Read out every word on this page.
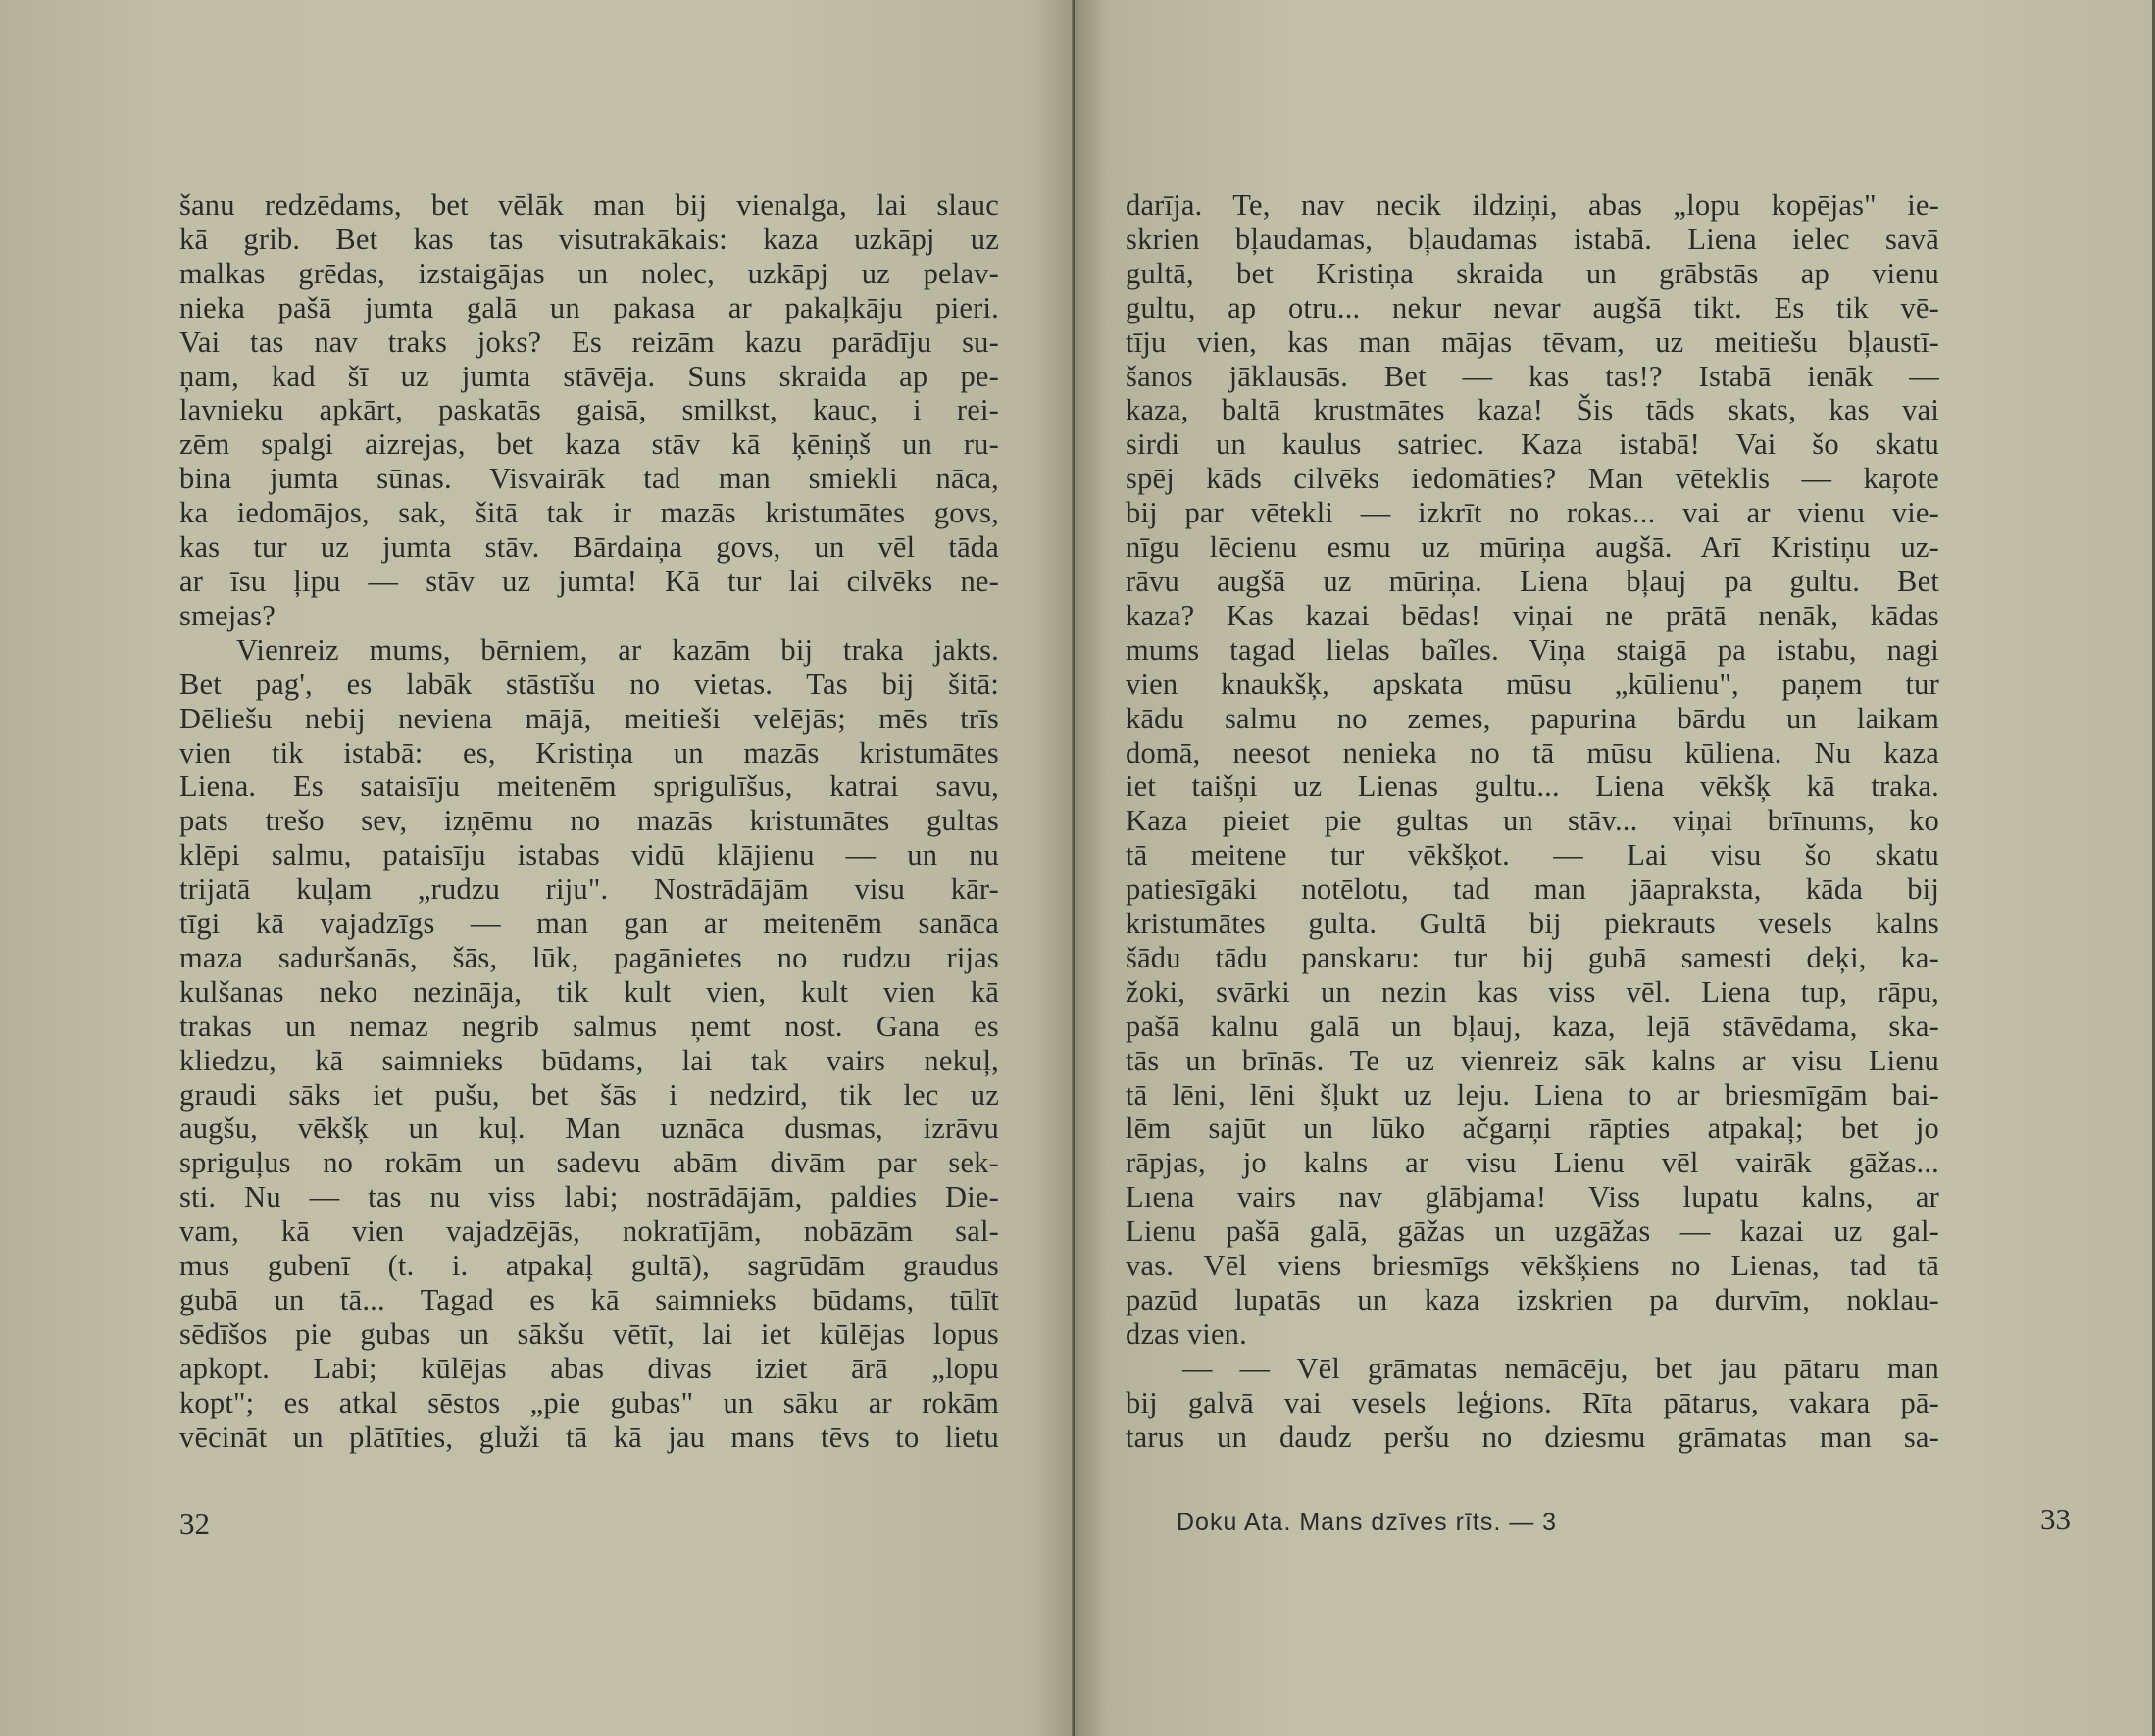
šanu redzēdams, bet vēlāk man bij vienalga, lai slauc
kā grib. Bet kas tas visutrakākais: kaza uzkāpj uz
malkas grēdas, izstaigājas un nolec, uzkāpj uz pelav-
nieka pašā jumta galā un pakasa ar pakaļkāju pieri.
Vai tas nav traks joks? Es reizām kazu parādīju su-
ņam, kad šī uz jumta stāvēja. Suns skraida ap pe-
lavnieku apkārt, paskatās gaisā, smilkst, kauc, i rei-
zēm spalgi aizrejas, bet kaza stāv kā ķēniņš un ru-
bina jumta sūnas. Visvairāk tad man smiekli nāca,
ka iedomājos, sak, šitā tak ir mazās kristumātes govs,
kas tur uz jumta stāv. Bārdaiņa govs, un vēl tāda
ar īsu ļipu — stāv uz jumta! Kā tur lai cilvēks ne-
smejas?
Vienreiz mums, bērniem, ar kazām bij traka jakts.
Bet pag', es labāk stāstīšu no vietas. Tas bij šitā:
Dēliešu nebij neviena mājā, meitieši velējās; mēs trīs
vien tik istabā: es, Kristiņa un mazās kristumātes
Liena. Es sataisīju meitenēm sprigulīšus, katrai savu,
pats trešo sev, izņēmu no mazās kristumātes gultas
klēpi salmu, pataisīju istabas vidū klājienu — un nu
trijatā kuļam „rudzu riju". Nostrādājām visu kār-
tīgi kā vajadzīgs — man gan ar meitenēm sanāca
maza saduršanās, šās, lūk, pagānietes no rudzu rijas
kulšanas neko nezināja, tik kult vien, kult vien kā
trakas un nemaz negrib salmus ņemt nost. Gana es
kliedzu, kā saimnieks būdams, lai tak vairs nekuļ,
graudi sāks iet pušu, bet šās i nedzird, tik lec uz
augšu, vēkšķ un kuļ. Man uznāca dusmas, izrāvu
spriguļus no rokām un sadevu abām divām par sek-
sti. Nu — tas nu viss labi; nostrādājām, paldies Die-
vam, kā vien vajadzējās, nokratījām, nobāzām sal-
mus gubenī (t. i. atpakaļ gultā), sagrūdām graudus
gubā un tā... Tagad es kā saimnieks būdams, tūlīt
sēdīšos pie gubas un sākšu vētīt, lai iet kūlējas lopus
apkopt. Labi; kūlējas abas divas iziet ārā „lopu
kopt"; es atkal sēstos „pie gubas" un sāku ar rokām
vēcināt un plātīties, gluži tā kā jau mans tēvs to lietu
32
darīja. Te, nav necik ildziņi, abas „lopu kopējas" ie-
skrien bļaudamas, bļaudamas istabā. Liena ielec savā
gultā, bet Kristiņa skraida un grābstās ap vienu
gultu, ap otru... nekur nevar augšā tikt. Es tik vē-
tīju vien, kas man mājas tēvam, uz meitiešu bļaustī-
šanos jāklausās. Bet — kas tas!? Istabā ienāk —
kaza, baltā krustmātes kaza! Šis tāds skats, kas vai
sirdi un kaulus satriec. Kaza istabā! Vai šo skatu
spēj kāds cilvēks iedomāties? Man vēteklis — kaŗote
bij par vētekli — izkrīt no rokas... vai ar vienu vie-
nīgu lēcienu esmu uz mūriņa augšā. Arī Kristiņu uz-
rāvu augšā uz mūriņa. Liena bļauj pa gultu. Bet
kaza? Kas kazai bēdas! viņai ne prātā nenāk, kādas
mums tagad lielas baĩles. Viņa staigā pa istabu, nagi
vien knaukšķ, apskata mūsu „kūlienu", paņem tur
kādu salmu no zemes, papurina bārdu un laikam
domā, neesot nenieka no tā mūsu kūliena. Nu kaza
iet taišņi uz Lienas gultu... Liena vēkšķ kā traka.
Kaza pieiet pie gultas un stāv... viņai brīnums, ko
tā meitene tur vēkšķot. — Lai visu šo skatu
patiesīgāki notēlotu, tad man jāapraksta, kāda bij
kristumātes gulta. Gultā bij piekrauts vesels kalns
šādu tādu panskaru: tur bij gubā samesti deķi, ka-
žoki, svārki un nezin kas viss vēl. Liena tup, rāpu,
pašā kalnu galā un bļauj, kaza, lejā stāvēdama, ska-
tās un brīnās. Te uz vienreiz sāk kalns ar visu Lienu
tā lēni, lēni šļukt uz leju. Liena to ar briesmīgām bai-
lēm sajūt un lūko ačgarņi rāpties atpakaļ; bet jo
rāpjas, jo kalns ar visu Lienu vēl vairāk gāžas...
Lıena vairs nav glābjama! Viss lupatu kalns, ar
Lienu pašā galā, gāžas un uzgāžas — kazai uz gal-
vas. Vēl viens briesmīgs vēkšķiens no Lienas, tad tā
pazūd lupatās un kaza izskrien pa durvīm, noklau-
dzas vien.
— — Vēl grāmatas nemācēju, bet jau pātaru man
bij galvā vai vesels leģions. Rīta pātarus, vakara pā-
tarus un daudz peršu no dziesmu grāmatas man sa-
Doku Ata. Mans dzīves rīts. — 3	33
